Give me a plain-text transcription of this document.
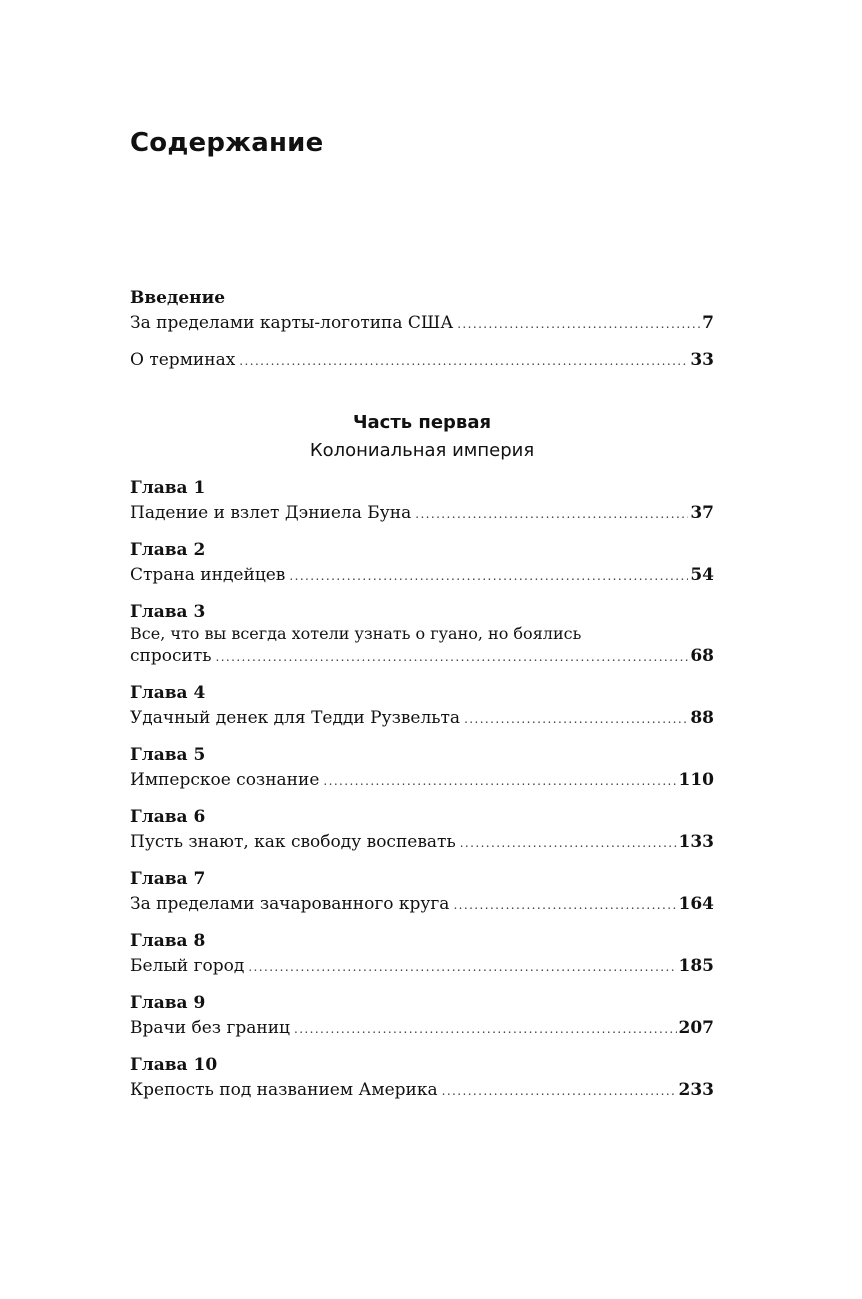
Содержание
Введение
За пределами карты-логотипа США .....	7
О терминах .....	33
Часть первая
Колониальная империя
Глава 1
Падение и взлет Дэниела Буна .....	37
Глава 2
Страна индейцев .....	54
Глава 3
Все, что вы всегда хотели узнать о гуано, но боялись
спросить .....	68
Глава 4
Удачный денек для Тедди Рузвельта .....	88
Глава 5
Имперское сознание .....	110
Глава 6
Пусть знают, как свободу воспевать .....	133
Глава 7
За пределами зачарованного круга .....	164
Глава 8
Белый город .....	185
Глава 9
Врачи без границ .....	207
Глава 10
Крепость под названием Америка .....	233
